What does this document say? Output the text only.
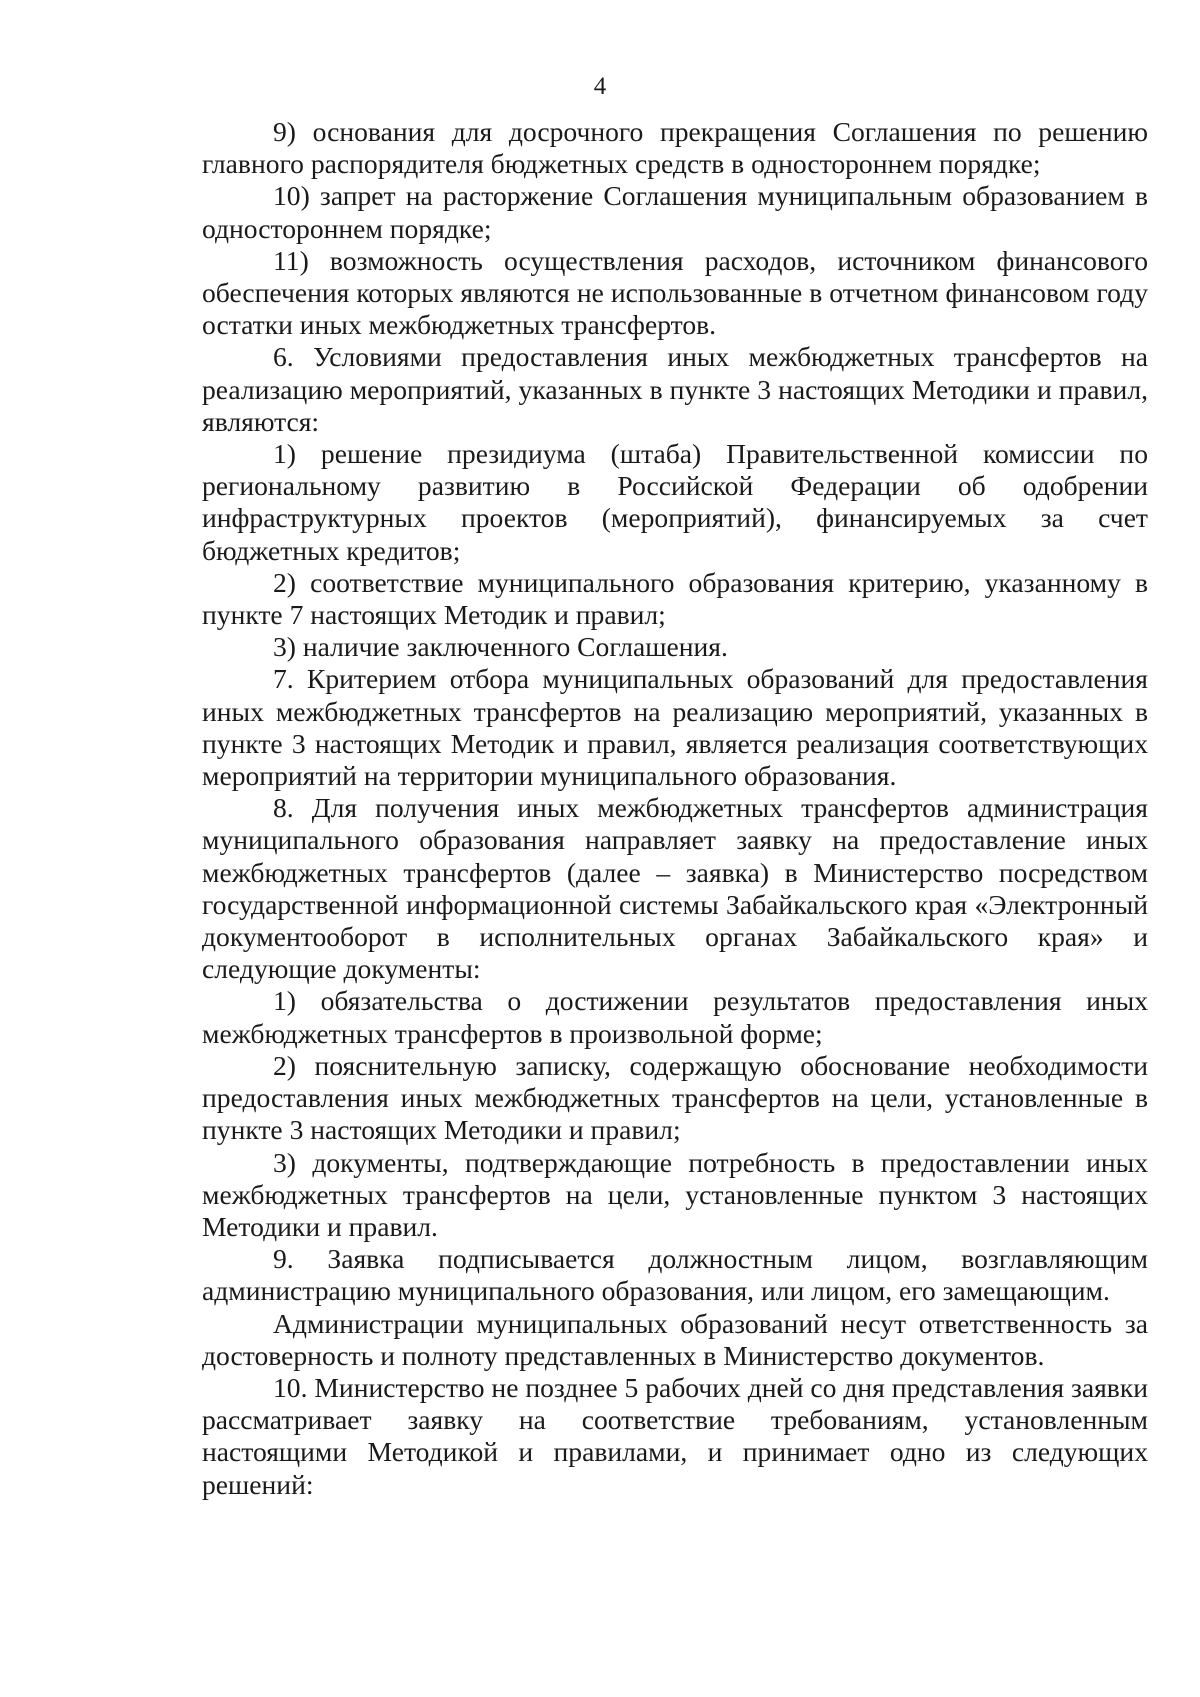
4

9) основания для досрочного прекращения Соглашения по решению главного распорядителя бюджетных средств в одностороннем порядке;

10) запрет на расторжение Соглашения муниципальным образованием в одностороннем порядке;

11) возможность осуществления расходов, источником финансового обеспечения которых являются не использованные в отчетном финансовом году остатки иных межбюджетных трансфертов.

6. Условиями предоставления иных межбюджетных трансфертов на реализацию мероприятий, указанных в пункте 3 настоящих Методики и правил, являются:

1) решение президиума (штаба) Правительственной комиссии по региональному развитию в Российской Федерации об одобрении инфраструктурных проектов (мероприятий), финансируемых за счет бюджетных кредитов;

2) соответствие муниципального образования критерию, указанному в пункте 7 настоящих Методик и правил;

3) наличие заключенного Соглашения.

7. Критерием отбора муниципальных образований для предоставления иных межбюджетных трансфертов на реализацию мероприятий, указанных в пункте 3 настоящих Методик и правил, является реализация соответствующих мероприятий на территории муниципального образования.

8. Для получения иных межбюджетных трансфертов администрация муниципального образования направляет заявку на предоставление иных межбюджетных трансфертов (далее – заявка) в Министерство посредством государственной информационной системы Забайкальского края «Электронный документооборот в исполнительных органах Забайкальского края» и следующие документы:

1) обязательства о достижении результатов предоставления иных межбюджетных трансфертов в произвольной форме;

2) пояснительную записку, содержащую обоснование необходимости предоставления иных межбюджетных трансфертов на цели, установленные в пункте 3 настоящих Методики и правил;

3) документы, подтверждающие потребность в предоставлении иных межбюджетных трансфертов на цели, установленные пунктом 3 настоящих Методики и правил.

9. Заявка подписывается должностным лицом, возглавляющим администрацию муниципального образования, или лицом, его замещающим.

Администрации муниципальных образований несут ответственность за достоверность и полноту представленных в Министерство документов.

10. Министерство не позднее 5 рабочих дней со дня представления заявки рассматривает заявку на соответствие требованиям, установленным настоящими Методикой и правилами, и принимает одно из следующих решений:
